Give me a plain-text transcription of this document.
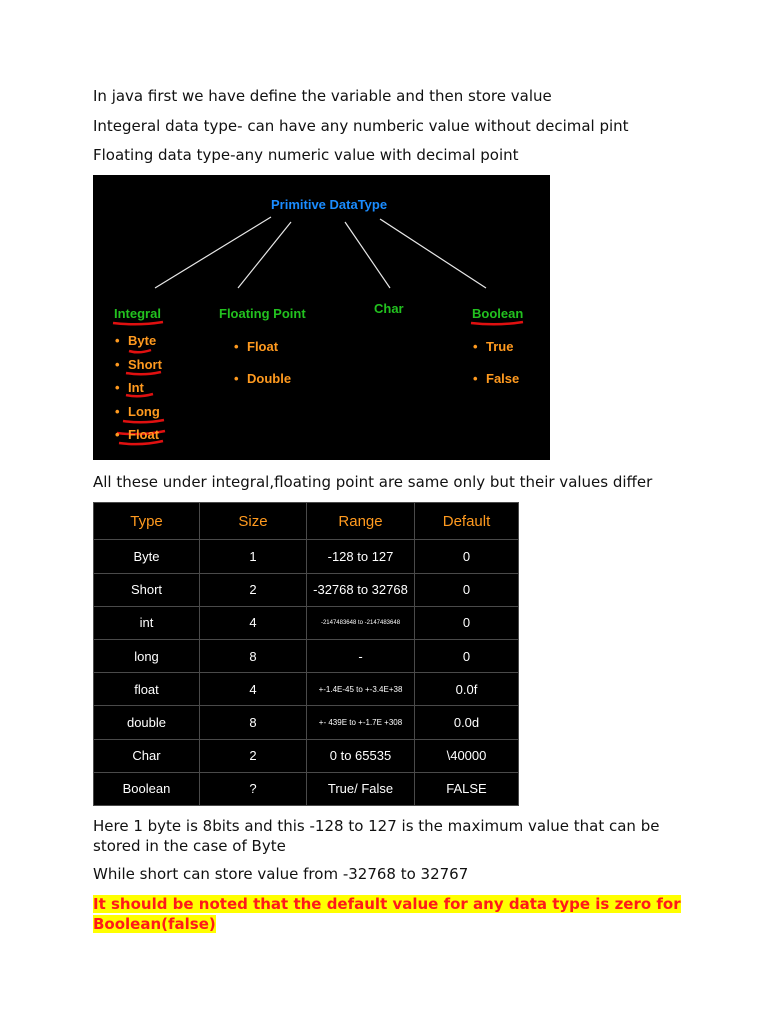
In java first we have define the variable and then store value

Integeral data type- can have any numberic value without decimal pint

Floating data type-any numeric value with decimal point

Primitive DataType

Integral	Floating Point	Char	Boolean

• Byte
• Short
• Int
• Long
• Float
• Float
• Double
• True
• False

All these under integral,floating point are same only but their values differ

Type	Size	Range	Default
Byte	1	-128 to 127	0
Short	2	-32768 to 32768	0
int	4	-2147483648 to -2147483648	0
long	8	-	0
float	4	+-1.4E-45 to +-3.4E+38	0.0f
double	8	+- 439E to +-1.7E +308	0.0d
Char	2	0 to 65535	\40000
Boolean	?	True/ False	FALSE

Here 1 byte is 8bits and this -128 to 127 is the maximum value that can be stored in the case of Byte

While short can store value from -32768 to 32767

It should be noted that the default value for any data type is zero for Boolean(false)
